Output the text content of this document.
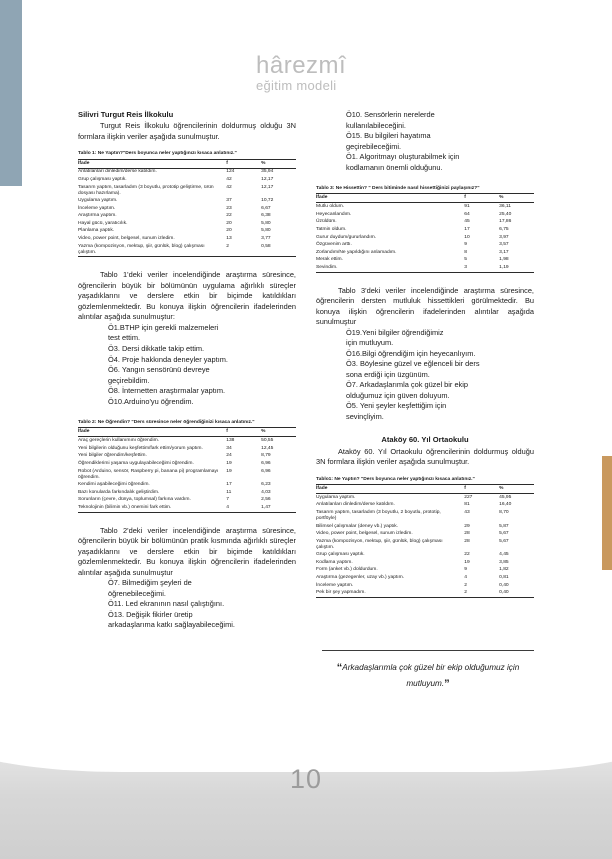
hârezmî
eğitim modeli
Silivri Turgut Reis İlkokulu

Turgut Reis İlkokulu öğrencilerinin doldurmuş olduğu 3N formlara ilişkin veriler aşağıda sunulmuştur.

Tablo 1: Ne Yaptın?"Ders boyunca neler yaptığınızı kısaca anlatınız."
İfade	f	%
Anlatılanları dinledim/derse katıldım.	124	35,94
Grup çalışması yaptık.	42	12,17
Tasarım yaptım, tasarladım (3 boyutlu, prototip geliştirme, ürün dosyası hazırlama).	42	12,17
Uygulama yaptım.	37	10,72
İnceleme yaptım.	23	6,67
Araştırma yaptım.	22	6,38
Hayal gücü, yaratıcılık.	20	5,80
Planlama yaptık.	20	5,80
Video, power point, belgesel, sunum izledim.	13	3,77
Yazma (kompozisyon, mektup, şiir, günlük, blog) çalışması çalıştım.	2	0,58

Tablo 1'deki veriler incelendiğinde araştırma süresince, öğrencilerin büyük bir bölümünün uygulama ağırlıklı süreçler yaşadıklarını ve derslere etkin bir biçimde katıldıkları gözlemlenmektedir. Bu konuya ilişkin öğrencilerin ifadelerinden alıntılar aşağıda sunulmuştur:

Ö1.BTHP için gerekli malzemeleri

test ettim.

Ö3. Dersi dikkatle takip ettim.

Ö4. Proje hakkında deneyler yaptım.

Ö6. Yangın sensörünü devreye

geçirebildim.

Ö8. İnternetten araştırmalar yaptım.

Ö10.Arduino'yu öğrendim.

Tablo 2: Ne Öğrendin? "Ders süresince neler öğrendiğinizi kısaca anlatınız."
İfade	f	%
Araç gereçlerin kullanımını öğrendim.	138	50,55
Yeni bilgilerin olduğunu keşfettim/fark ettim/yorum yaptım.	34	12,45
Yeni bilgiler öğrendim/keşfettim.	24	8,79
Öğrendiklerimi yaşama uygulayabileceğimi öğrendim.	19	6,96
Robot (Arduino, sensör, Raspberry pi, banana pi) programlamayı öğrendim.	19	6,96
Kendimi aşabileceğimi öğrendim.	17	6,23
Bazı konularda farkındalık geliştirdim.	11	4,03
Sorunların (çevre, dünya, toplumsal) farkına vardım.	7	2,56
Teknolojinin (bilimin vb.) önemini fark ettim.	4	1,47

Tablo 2'deki veriler incelendiğinde araştırma süresince, öğrencilerin büyük bir bölümünün pratik kısmında ağırlıklı süreçler yaşadıklarını ve derslere etkin bir biçimde katıldıkları gözlemlenmektedir. Bu konuya ilişkin öğrencilerin ifadelerinden alıntılar aşağıda sunulmuştur

Ö7. Bilmediğim şeyleri de

öğrenebileceğimi.

Ö11. Led ekranının nasıl çalıştığını.

Ö13. Değişik fikirler üretip

arkadaşlarıma katkı sağlayabileceğimi.

Ö10. Sensörlerin nerelerde

kullanılabileceğini.

Ö15. Bu bilgileri hayatıma

geçirebileceğimi.

Ö1. Algoritmayı oluşturabilmek için

kodlamanın önemli olduğunu.

Tablo 3: Ne Hissettin? " Ders bitiminde nasıl hissettiğinizi paylaşınız?"
İfade	f	%
Mutlu oldum.	91	36,11
Heyecanlandım.	64	25,40
Üzüldüm.	45	17,86
Tatmin oldum.	17	6,75
Gurur duydum/gururlandım.	10	3,97
Özgüvenim arttı.	9	3,57
Zorlandım/Ne yapıldığını anlamadım.	8	3,17
Merak ettim.	5	1,98
Sevindim.	3	1,19

Tablo 3'deki veriler incelendiğinde araştırma süresince, öğrencilerin dersten mutluluk hissettikleri görülmektedir. Bu konuya ilişkin öğrencilerin ifadelerinden alıntılar aşağıda sunulmuştur

Ö19.Yeni bilgiler öğrendiğimiz

için mutluyum.

Ö16.Bilgi öğrendiğim için heyecanlıyım.

Ö3. Böylesine güzel ve eğlenceli bir ders

sona erdiği için üzgünüm.

Ö7. Arkadaşlarımla çok güzel bir ekip

olduğumuz için güven doluyum.

Ö5. Yeni şeyler keşfettiğim için

sevinçliyim.

Ataköy 60. Yıl Ortaokulu

Ataköy 60. Yıl Ortaokulu öğrencilerinin doldurmuş olduğu 3N formlara ilişkin veriler aşağıda sunulmuştur.

Tablo1: Ne Yaptın? "Ders boyunca neler yaptığınızı kısaca anlatınız."
İfade	f	%
Uygulama yaptım.	227	45,95
Anlatılanları dinledim/derse katıldım.	81	16,40
Tasarım yaptım, tasarladım (3 boyutlu, 2 boyutlu, prototip, portföyle)	43	8,70
Bilimsel çalışmalar (deney vb.) yaptık.	29	5,87
Video, power point, belgesel, sunum izledim.	28	5,67
Yazma (kompozisyon, mektup, şiir, günlük, blog) çalışması çalıştım.	28	5,67
Grup çalışması yaptık.	22	4,45
Kodlama yaptım.	19	3,85
Form (anket vb.) doldurdum.	9	1,82
Araştırma (gezegenler, uzay vb.) yaptım.	4	0,81
İnceleme yaptım.	2	0,40
Pek bir şey yapmadım.	2	0,40
“Arkadaşlarımla çok güzel bir ekip olduğumuz için mutluyum.”
10
